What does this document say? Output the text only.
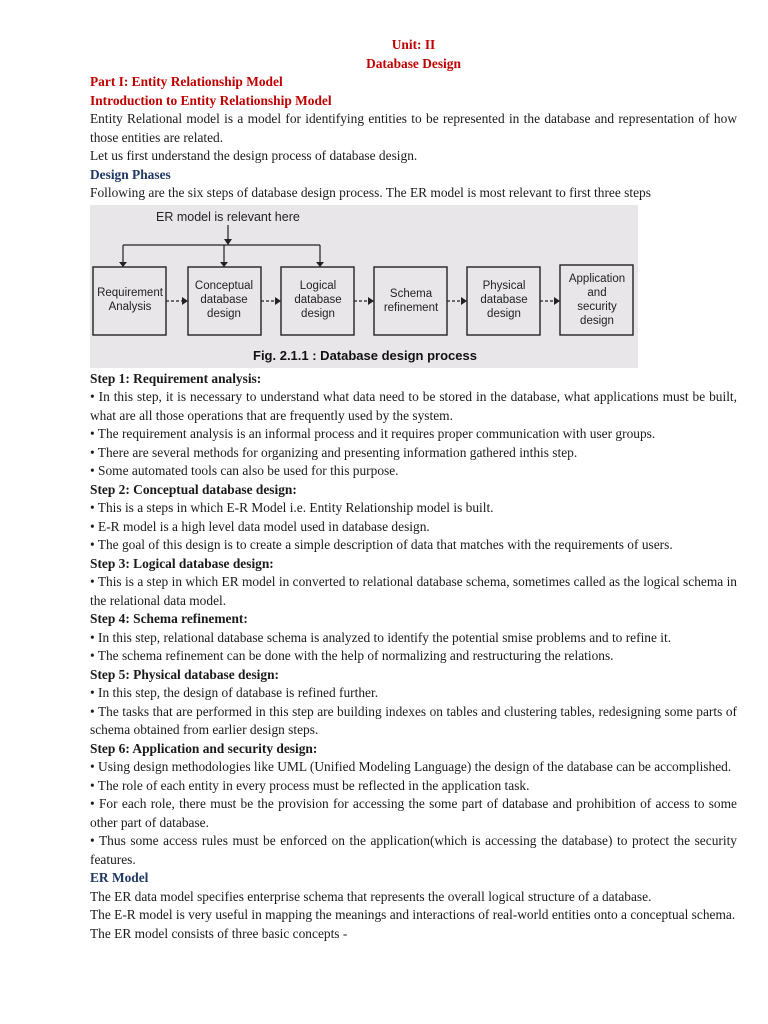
Unit: II
Database Design
Part I: Entity Relationship Model
Introduction to Entity Relationship Model

Entity Relational model is a model for identifying entities to be represented in the database and representation of how those entities are related.

Let us first understand the design process of database design.

Design Phases

Following are the six steps of database design process. The ER model is most relevant to first three steps

ER model is relevant here
Requirement
Analysis
Conceptual
database
design
Logical
database
design
Schema
refinement
Physical
database
design
Application
and
security
design
Fig. 2.1.1 : Database design process
Step 1: Requirement analysis:

• In this step, it is necessary to understand what data need to be stored in the database, what applications must be built, what are all those operations that are frequently used by the system.

• The requirement analysis is an informal process and it requires proper communication with user groups.

• There are several methods for organizing and presenting information gathered inthis step.

• Some automated tools can also be used for this purpose.

Step 2: Conceptual database design:

• This is a steps in which E-R Model i.e. Entity Relationship model is built.

• E-R model is a high level data model used in database design.

• The goal of this design is to create a simple description of data that matches with the requirements of users.

Step 3: Logical database design:

• This is a step in which ER model in converted to relational database schema, sometimes called as the logical schema in the relational data model.

Step 4: Schema refinement:

• In this step, relational database schema is analyzed to identify the potential smise problems and to refine it.

• The schema refinement can be done with the help of normalizing and restructuring the relations.

Step 5: Physical database design:

• In this step, the design of database is refined further.

• The tasks that are performed in this step are building indexes on tables and clustering tables, redesigning some parts of schema obtained from earlier design steps.

Step 6: Application and security design:

• Using design methodologies like UML (Unified Modeling Language) the design of the database can be accomplished.

• The role of each entity in every process must be reflected in the application task.

• For each role, there must be the provision for accessing the some part of database and prohibition of access to some other part of database.

• Thus some access rules must be enforced on the application(which is accessing the database) to protect the security features.

ER Model

The ER data model specifies enterprise schema that represents the overall logical structure of a database.

The E-R model is very useful in mapping the meanings and interactions of real-world entities onto a conceptual schema.

The ER model consists of three basic concepts -
